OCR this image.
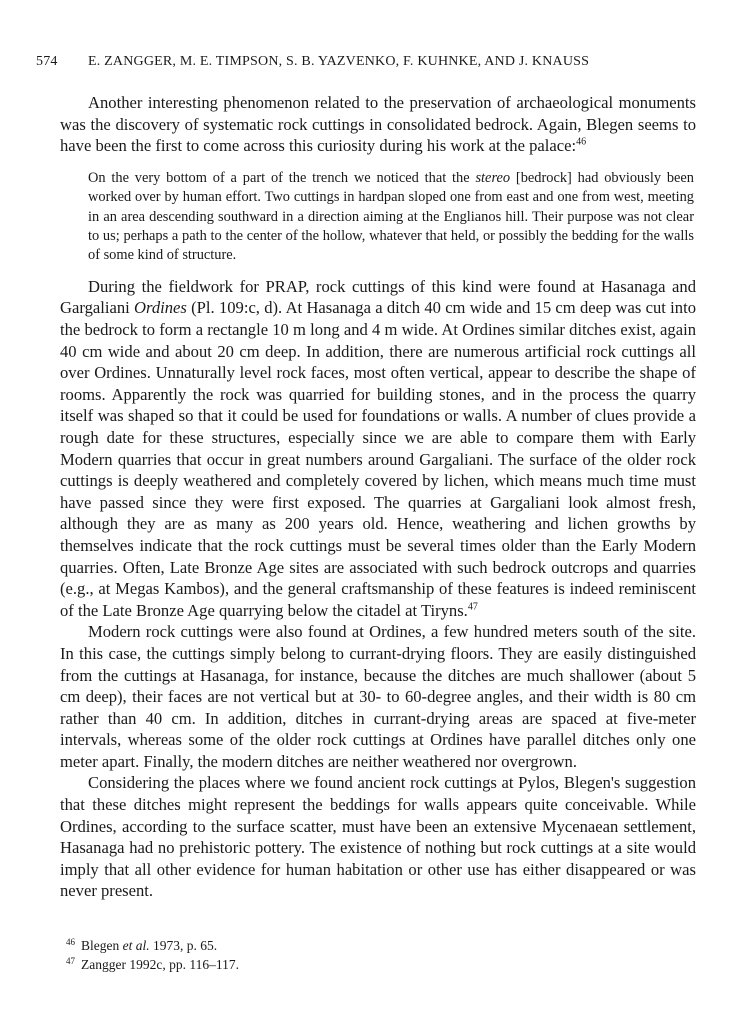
574 E. ZANGGER, M. E. TIMPSON, S. B. YAZVENKO, F. KUHNKE, AND J. KNAUSS

Another interesting phenomenon related to the preservation of archaeological monuments was the discovery of systematic rock cuttings in consolidated bedrock. Again, Blegen seems to have been the first to come across this curiosity during his work at the palace:$^{46}$

On the very bottom of a part of the trench we noticed that the stereo [bedrock] had obviously been worked over by human effort. Two cuttings in hardpan sloped one from east and one from west, meeting in an area descending southward in a direction aiming at the Englianos hill. Their purpose was not clear to us; perhaps a path to the center of the hollow, whatever that held, or possibly the bedding for the walls of some kind of structure.

During the fieldwork for PRAP, rock cuttings of this kind were found at Hasanaga and Gargaliani Ordines (Pl. 109:c, d). At Hasanaga a ditch 40 cm wide and 15 cm deep was cut into the bedrock to form a rectangle 10 m long and 4 m wide. At Ordines similar ditches exist, again 40 cm wide and about 20 cm deep. In addition, there are numerous artificial rock cuttings all over Ordines. Unnaturally level rock faces, most often vertical, appear to describe the shape of rooms. Apparently the rock was quarried for building stones, and in the process the quarry itself was shaped so that it could be used for foundations or walls. A number of clues provide a rough date for these structures, especially since we are able to compare them with Early Modern quarries that occur in great numbers around Gargaliani. The surface of the older rock cuttings is deeply weathered and completely covered by lichen, which means much time must have passed since they were first exposed. The quarries at Gargaliani look almost fresh, although they are as many as 200 years old. Hence, weathering and lichen growths by themselves indicate that the rock cuttings must be several times older than the Early Modern quarries. Often, Late Bronze Age sites are associated with such bedrock outcrops and quarries (e.g., at Megas Kambos), and the general craftsmanship of these features is indeed reminiscent of the Late Bronze Age quarrying below the citadel at Tiryns.$^{47}$

Modern rock cuttings were also found at Ordines, a few hundred meters south of the site. In this case, the cuttings simply belong to currant-drying floors. They are easily distinguished from the cuttings at Hasanaga, for instance, because the ditches are much shallower (about 5 cm deep), their faces are not vertical but at 30- to 60-degree angles, and their width is 80 cm rather than 40 cm. In addition, ditches in currant-drying areas are spaced at five-meter intervals, whereas some of the older rock cuttings at Ordines have parallel ditches only one meter apart. Finally, the modern ditches are neither weathered nor overgrown.

Considering the places where we found ancient rock cuttings at Pylos, Blegen's suggestion that these ditches might represent the beddings for walls appears quite conceivable. While Ordines, according to the surface scatter, must have been an extensive Mycenaean settlement, Hasanaga had no prehistoric pottery. The existence of nothing but rock cuttings at a site would imply that all other evidence for human habitation or other use has either disappeared or was never present.

$^{46}$ Blegen et al. 1973, p. 65.
$^{47}$ Zangger 1992c, pp. 116–117.
